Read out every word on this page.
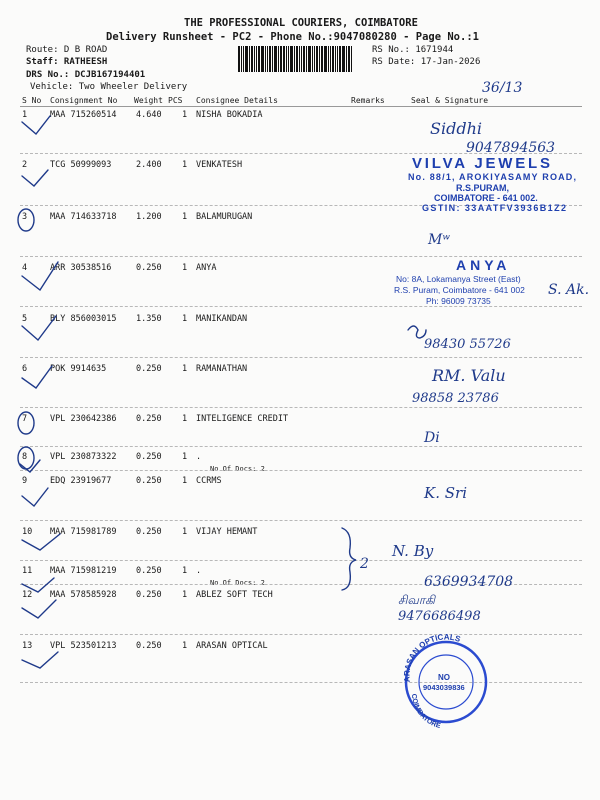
THE PROFESSIONAL COURIERS, COIMBATORE
Delivery Runsheet - PC2 - Phone No.:9047080280 - Page No.:1
Route: D B ROAD
Staff: RATHEESH
DRS No.: DCJB167194401
Vehicle: Two Wheeler Delivery
RS No.: 1671944
RS Date: 17-Jan-2026
S No Consignment No Weight PCS Consignee Details	Remarks	Seal & Signature
1	MAA 715260514 4.640 1 NISHA BOKADIA
2	TCG 50999093	2.400 1 VENKATESH
3	MAA 714633718 1.200 1 BALAMURUGAN
4	ARR 30538516	0.250 1 ANYA
5	BLY 856003015 1.350 1 MANIKANDAN
6	POK 9914635	0.250 1 RAMANATHAN
7	VPL 230642386 0.250 1 INTELIGENCE CREDIT
8	VPL 230873322 0.250 1 .
No.Of Docs: 2
9	EDQ 23919677	0.250 1 CCRMS
10 MAA 715981789 0.250 1 VIJAY HEMANT
11 MAA 715981219 0.250 1 .
No.Of Docs: 2
12 MAA 578585928 0.250 1 ABLEZ SOFT TECH
13 VPL 523501213 0.250 1 ARASAN OPTICAL
36/13
Siddhi
9047894563
Mʷ
S. Ak.
98430 55726
RM. Valu
98858 23786
Di
K. Sri
2
N. By
6369934708
சிவாகி
9476686498
VILVA JEWELS
No. 88/1, AROKIYASAMY ROAD,
R.S.PURAM,
COIMBATORE - 641 002.
GSTIN: 33AATFV3936B1Z2
ANYA
No: 8A, Lokamanya Street (East)
R.S. Puram, Coimbatore - 641 002
Ph: 96009 73735
ARASAN OPTICALS
COIMBATORE
NO
9043039836
